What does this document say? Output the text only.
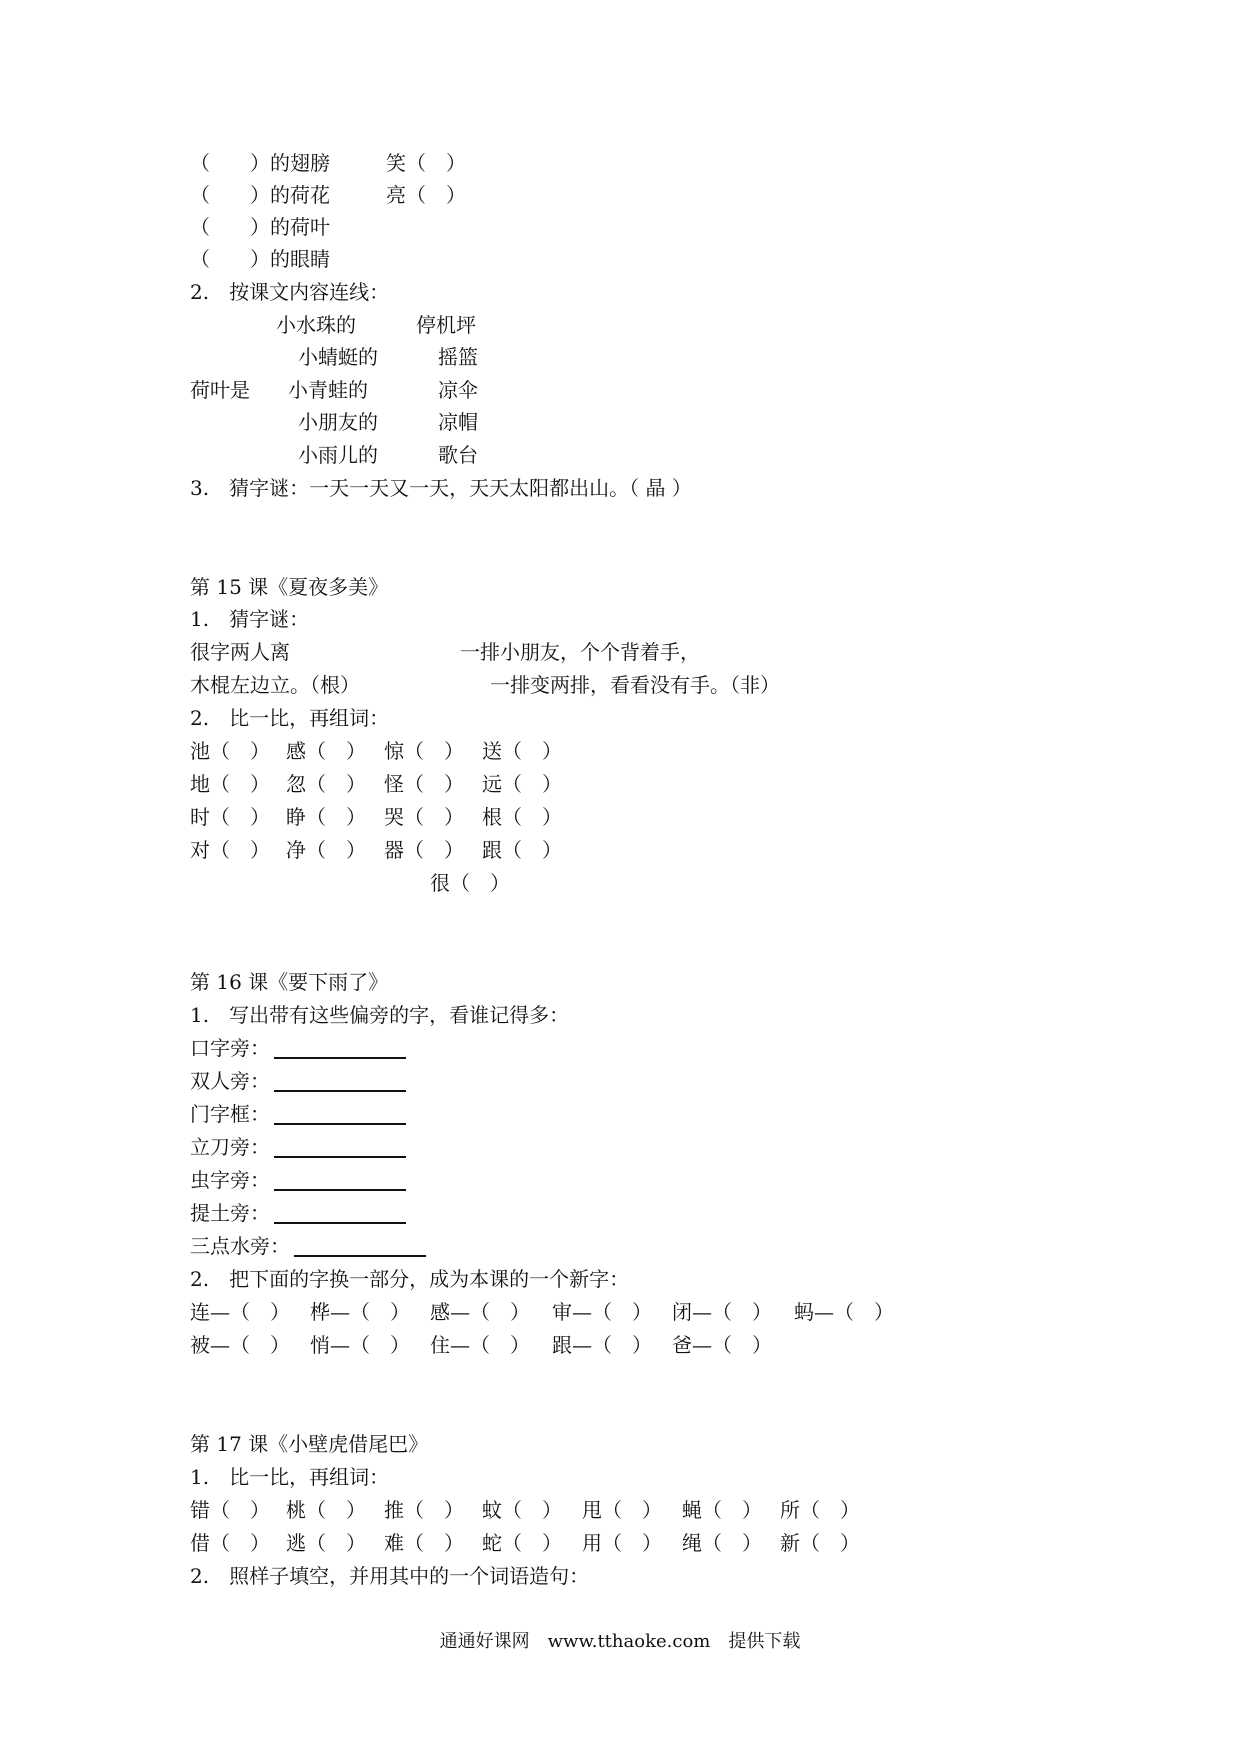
（　　）的翅膀	笑（　）
（　　）的荷花	亮（　）
（　　）的荷叶
（　　）的眼睛
2.　按课文内容连线：
小水珠的	停机坪
小蜻蜓的	摇篮
荷叶是 小青蛙的	凉伞
小朋友的	凉帽
小雨儿的	歌台
3.　猜字谜：一天一天又一天，天天太阳都出山。（ 晶 ）
第 15 课《夏夜多美》
1.　猜字谜：
很字两人离	一排小朋友，个个背着手，
木棍左边立。（根）	一排变两排，看看没有手。（非）
2.　比一比，再组词：
池（　） 感（　） 惊（　） 送（　）
地（　） 忽（　） 怪（　） 远（　）
时（　） 睁（　） 哭（　） 根（　）
对（　） 净（　） 器（　） 跟（　）
很（　）
第 16 课《要下雨了》
1.　写出带有这些偏旁的字，看谁记得多：
口字旁：
双人旁：
门字框：
立刀旁：
虫字旁：
提土旁：
三点水旁：
2.　把下面的字换一部分，成为本课的一个新字：
连—（　） 桦—（　） 感—（　） 审—（　） 闭—（　） 蚂—（　）
被—（　） 悄—（　） 住—（　） 跟—（　） 爸—（　）
第 17 课《小壁虎借尾巴》
1.　比一比，再组词：
错（　） 桃（　） 推（　） 蚊（　） 甩（　） 蝇（　） 所（　）
借（　） 逃（　） 难（　） 蛇（　） 用（　） 绳（　） 新（　）
2.　照样子填空，并用其中的一个词语造句：
通通好课网　www.tthaoke.com　提供下载
